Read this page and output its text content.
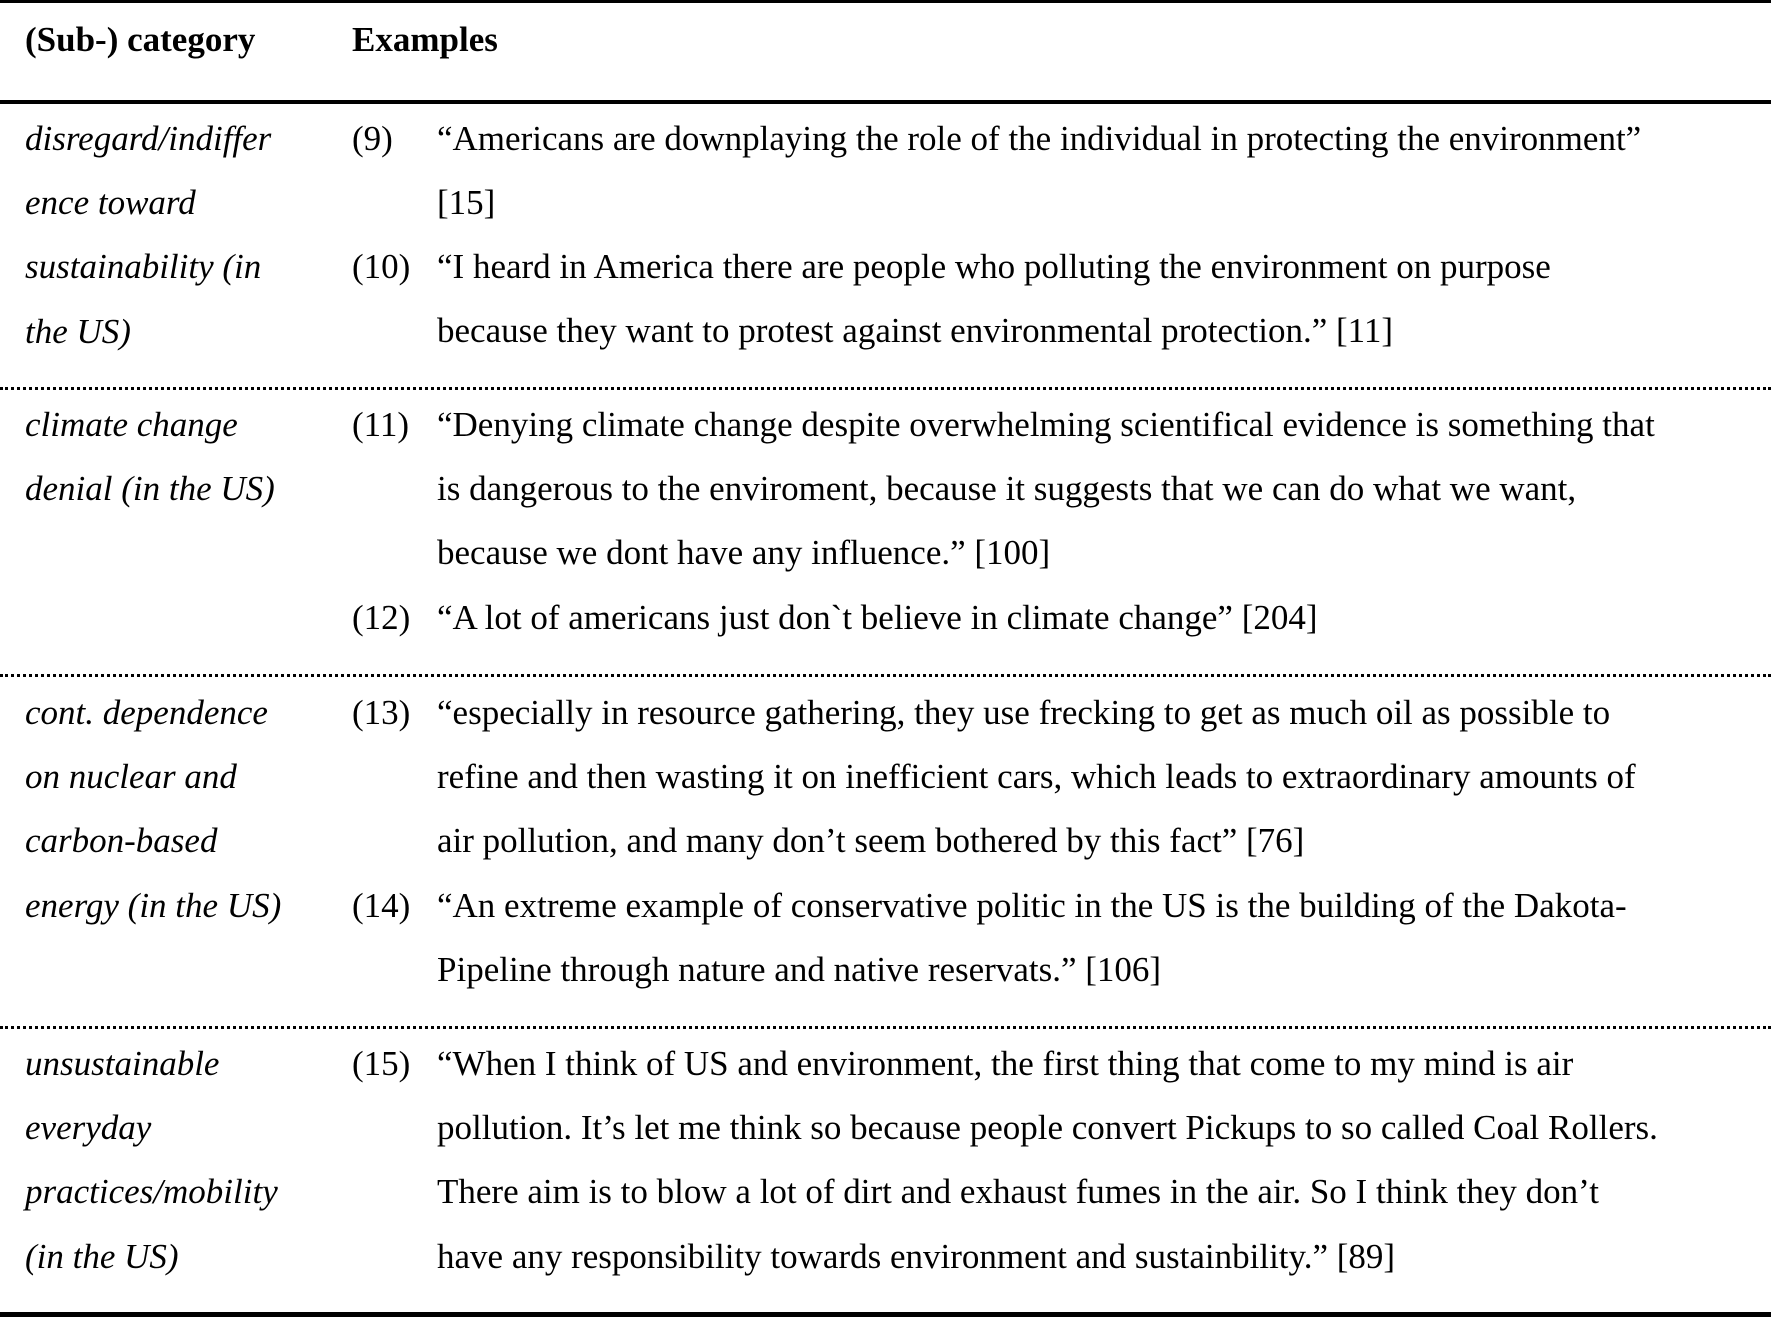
(Sub-) category	Examples
disregard/indiffer
ence toward
sustainability (in
the US)
(9)	“Americans are downplaying the role of the individual in protecting the environment”
[15]
(10) “I heard in America there are people who polluting the environment on purpose
because they want to protest against environmental protection.” [11]
climate change
denial (in the US)
(11) “Denying climate change despite overwhelming scientifical evidence is something that
is dangerous to the enviroment, because it suggests that we can do what we want,
because we dont have any influence.” [100]
(12) “A lot of americans just don`t believe in climate change” [204]
cont. dependence
on nuclear and
carbon-based
energy (in the US)
(13) “especially in resource gathering, they use frecking to get as much oil as possible to
refine and then wasting it on inefficient cars, which leads to extraordinary amounts of
air pollution, and many don’t seem bothered by this fact” [76]
(14) “An extreme example of conservative politic in the US is the building of the Dakota-
Pipeline through nature and native reservats.” [106]
unsustainable
everyday
practices/mobility
(in the US)
(15) “When I think of US and environment, the first thing that come to my mind is air
pollution. It’s let me think so because people convert Pickups to so called Coal Rollers.
There aim is to blow a lot of dirt and exhaust fumes in the air. So I think they don’t
have any responsibility towards environment and sustainbility.” [89]
